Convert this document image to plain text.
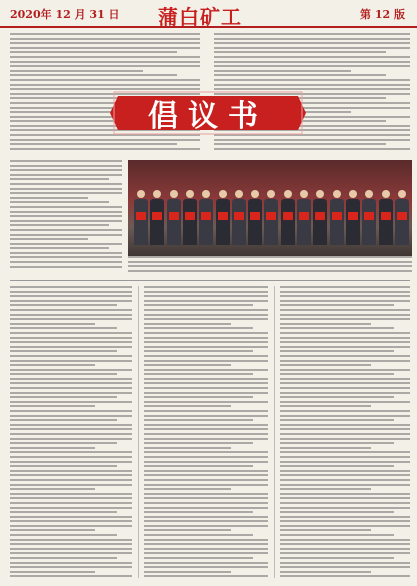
2020年 12 月 31 日 蒲白矿工	第 12 版
倡议书
